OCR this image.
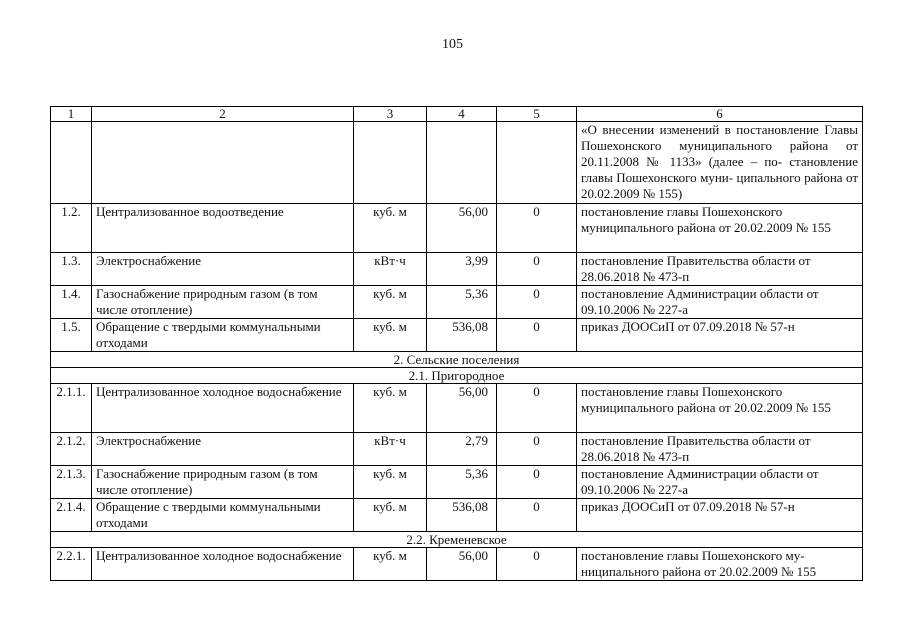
105
1	2	3	4	5	6
					«О внесении изменений в постановление Главы Пошехонского муниципального района от 20.11.2008 № 1133» (далее – по- становление главы Пошехонского муни- ципального района от 20.02.2009 № 155)
1.2.	Централизованное водоотведение	куб. м	56,00	0	постановление главы Пошехонского муниципального района от 20.02.2009 № 155
1.3.	Электроснабжение	кВт·ч	3,99	0	постановление Правительства области от 28.06.2018 № 473-п
1.4.	Газоснабжение природным газом (в том числе отопление)	куб. м	5,36	0	постановление Администрации области от 09.10.2006 № 227-а
1.5.	Обращение с твердыми коммунальными отходами	куб. м	536,08	0	приказ ДООСиП от 07.09.2018 № 57-н
2. Сельские поселения					
2.1. Пригородное					
2.1.1.	Централизованное холодное водоснабжение	куб. м	56,00	0	постановление главы Пошехонского муниципального района от 20.02.2009 № 155
2.1.2.	Электроснабжение	кВт·ч	2,79	0	постановление Правительства области от 28.06.2018 № 473-п
2.1.3.	Газоснабжение природным газом (в том числе отопление)	куб. м	5,36	0	постановление Администрации области от 09.10.2006 № 227-а
2.1.4.	Обращение с твердыми коммунальными отходами	куб. м	536,08	0	приказ ДООСиП от 07.09.2018 № 57-н
2.2. Кременевское					
2.2.1.	Централизованное холодное водоснабжение	куб. м	56,00	0	постановление главы Пошехонского му- ниципального района от 20.02.2009 № 155
